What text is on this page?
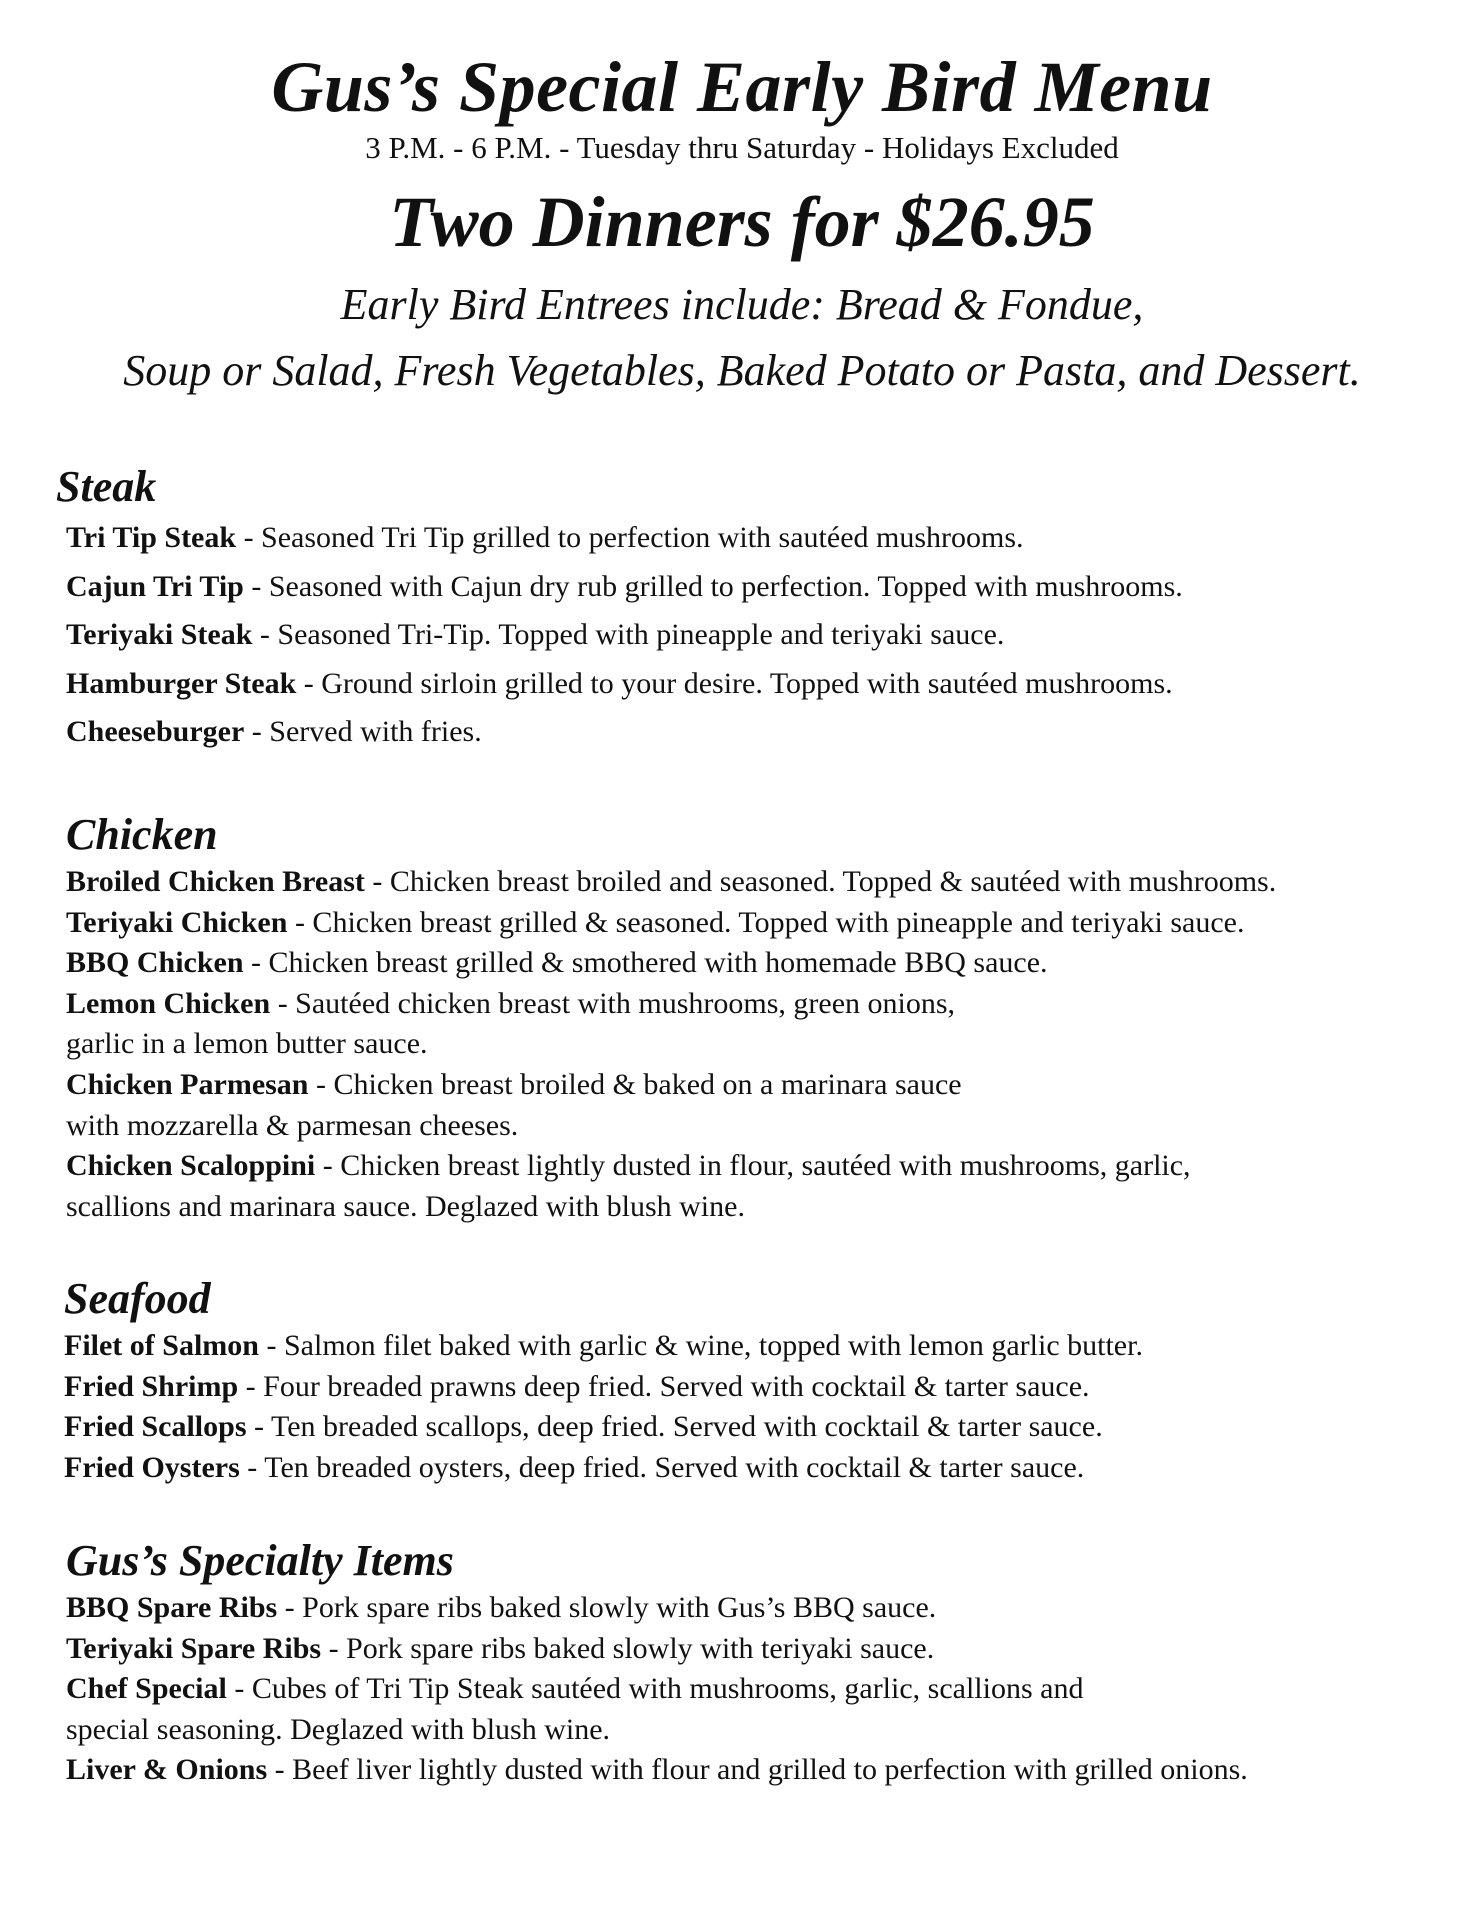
Gus’s Special Early Bird Menu

3 P.M. - 6 P.M. - Tuesday thru Saturday - Holidays Excluded

Two Dinners for $26.95

Early Bird Entrees include: Bread & Fondue,

Soup or Salad, Fresh Vegetables, Baked Potato or Pasta, and Dessert.

Steak

Tri Tip Steak - Seasoned Tri Tip grilled to perfection with sautéed mushrooms.

Cajun Tri Tip - Seasoned with Cajun dry rub grilled to perfection. Topped with mushrooms.

Teriyaki Steak - Seasoned Tri-Tip. Topped with pineapple and teriyaki sauce.

Hamburger Steak - Ground sirloin grilled to your desire. Topped with sautéed mushrooms.

Cheeseburger - Served with fries.

Chicken

Broiled Chicken Breast - Chicken breast broiled and seasoned. Topped & sautéed with mushrooms.

Teriyaki Chicken - Chicken breast grilled & seasoned. Topped with pineapple and teriyaki sauce.

BBQ Chicken - Chicken breast grilled & smothered with homemade BBQ sauce.

Lemon Chicken - Sautéed chicken breast with mushrooms, green onions,
garlic in a lemon butter sauce.

Chicken Parmesan - Chicken breast broiled & baked on a marinara sauce
with mozzarella & parmesan cheeses.

Chicken Scaloppini - Chicken breast lightly dusted in flour, sautéed with mushrooms, garlic,
scallions and marinara sauce. Deglazed with blush wine.

Seafood

Filet of Salmon - Salmon filet baked with garlic & wine, topped with lemon garlic butter.

Fried Shrimp - Four breaded prawns deep fried. Served with cocktail & tarter sauce.

Fried Scallops - Ten breaded scallops, deep fried. Served with cocktail & tarter sauce.

Fried Oysters - Ten breaded oysters, deep fried. Served with cocktail & tarter sauce.

Gus’s Specialty Items

BBQ Spare Ribs - Pork spare ribs baked slowly with Gus’s BBQ sauce.

Teriyaki Spare Ribs - Pork spare ribs baked slowly with teriyaki sauce.

Chef Special - Cubes of Tri Tip Steak sautéed with mushrooms, garlic, scallions and
special seasoning. Deglazed with blush wine.

Liver & Onions - Beef liver lightly dusted with flour and grilled to perfection with grilled onions.
